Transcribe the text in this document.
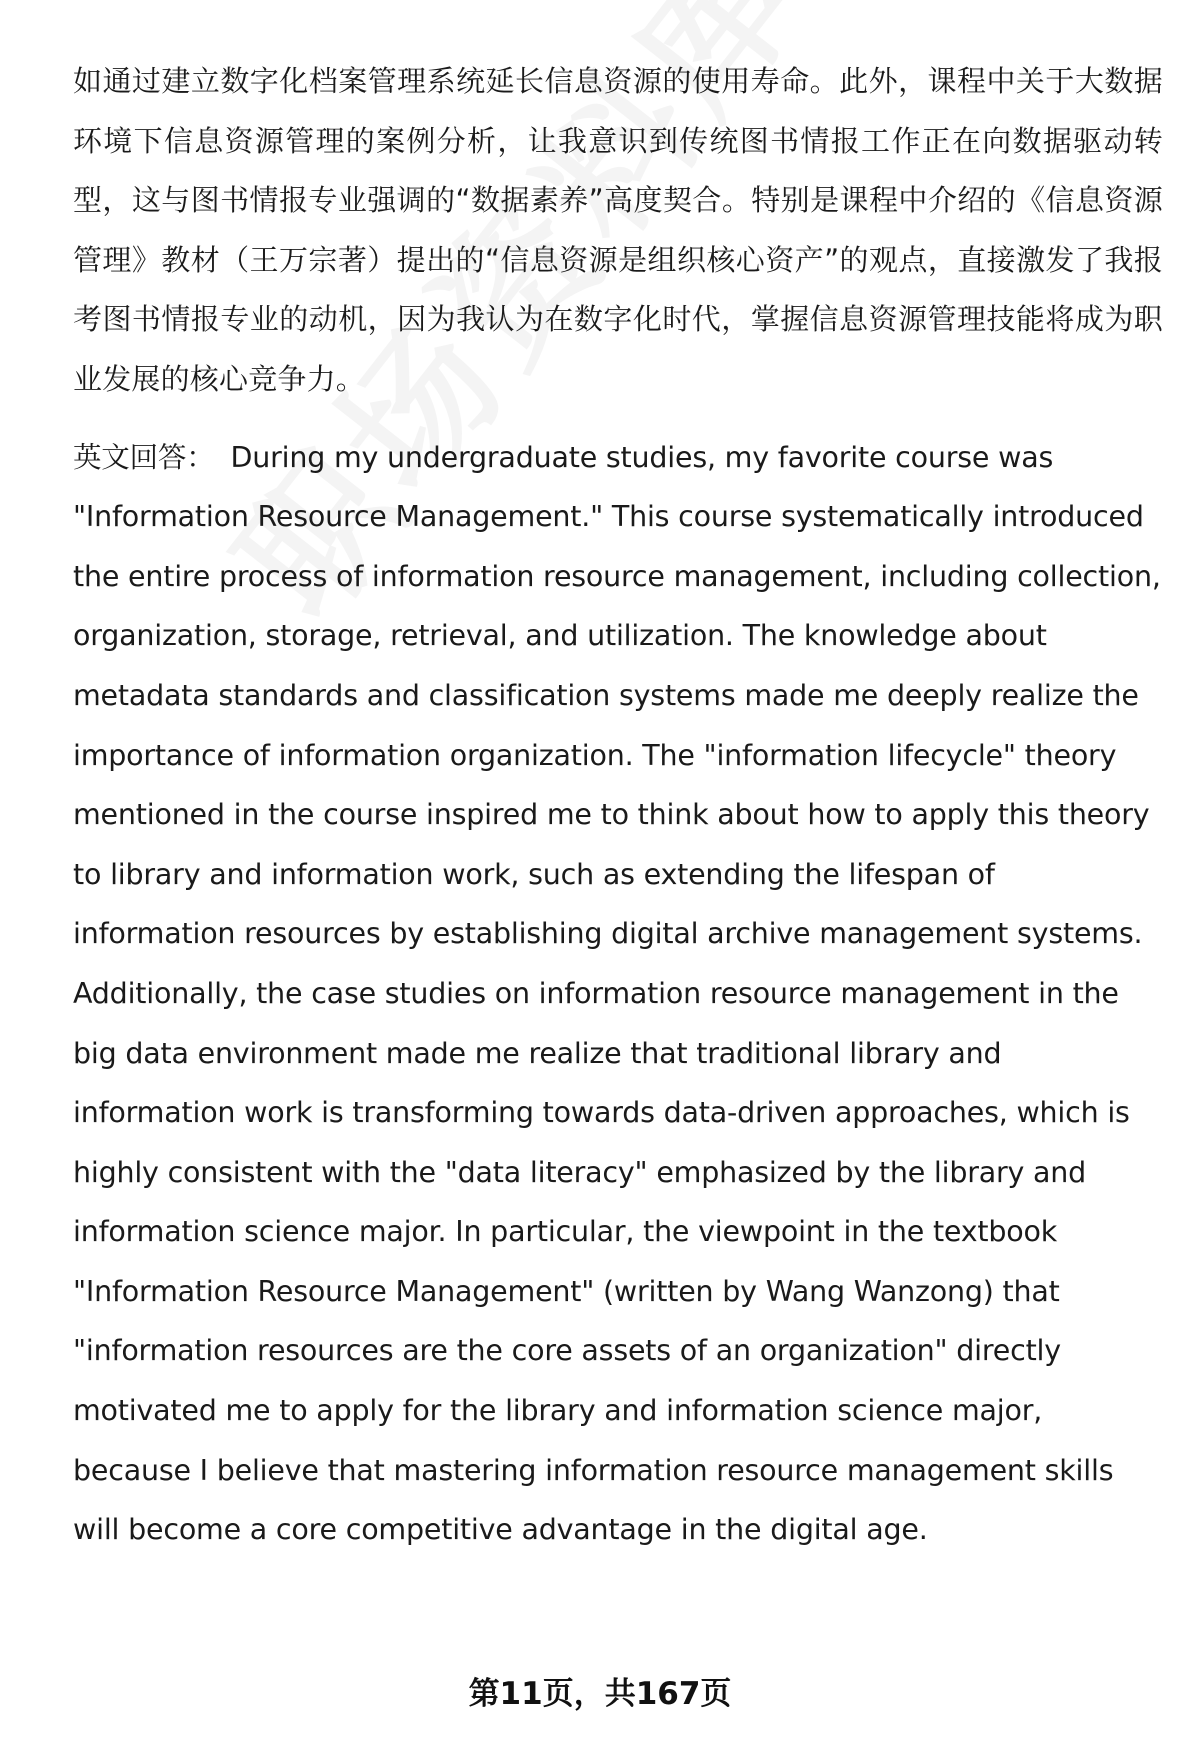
如通过建立数字化档案管理系统延长信息资源的使用寿命。此外，课程中关于大数据环境下信息资源管理的案例分析，让我意识到传统图书情报工作正在向数据驱动转型，这与图书情报专业强调的“数据素养”高度契合。特别是课程中介绍的《信息资源管理》教材（王万宗著）提出的“信息资源是组织核心资产”的观点，直接激发了我报考图书情报专业的动机，因为我认为在数字化时代，掌握信息资源管理技能将成为职业发展的核心竞争力。

英文回答： During my undergraduate studies, my favorite course was "Information Resource Management." This course systematically introduced the entire process of information resource management, including collection, organization, storage, retrieval, and utilization. The knowledge about metadata standards and classification systems made me deeply realize the importance of information organization. The "information lifecycle" theory mentioned in the course inspired me to think about how to apply this theory to library and information work, such as extending the lifespan of information resources by establishing digital archive management systems. Additionally, the case studies on information resource management in the big data environment made me realize that traditional library and information work is transforming towards data-driven approaches, which is highly consistent with the "data literacy" emphasized by the library and information science major. In particular, the viewpoint in the textbook "Information Resource Management" (written by Wang Wanzong) that "information resources are the core assets of an organization" directly motivated me to apply for the library and information science major, because I believe that mastering information resource management skills will become a core competitive advantage in the digital age.

第11页，共167页
